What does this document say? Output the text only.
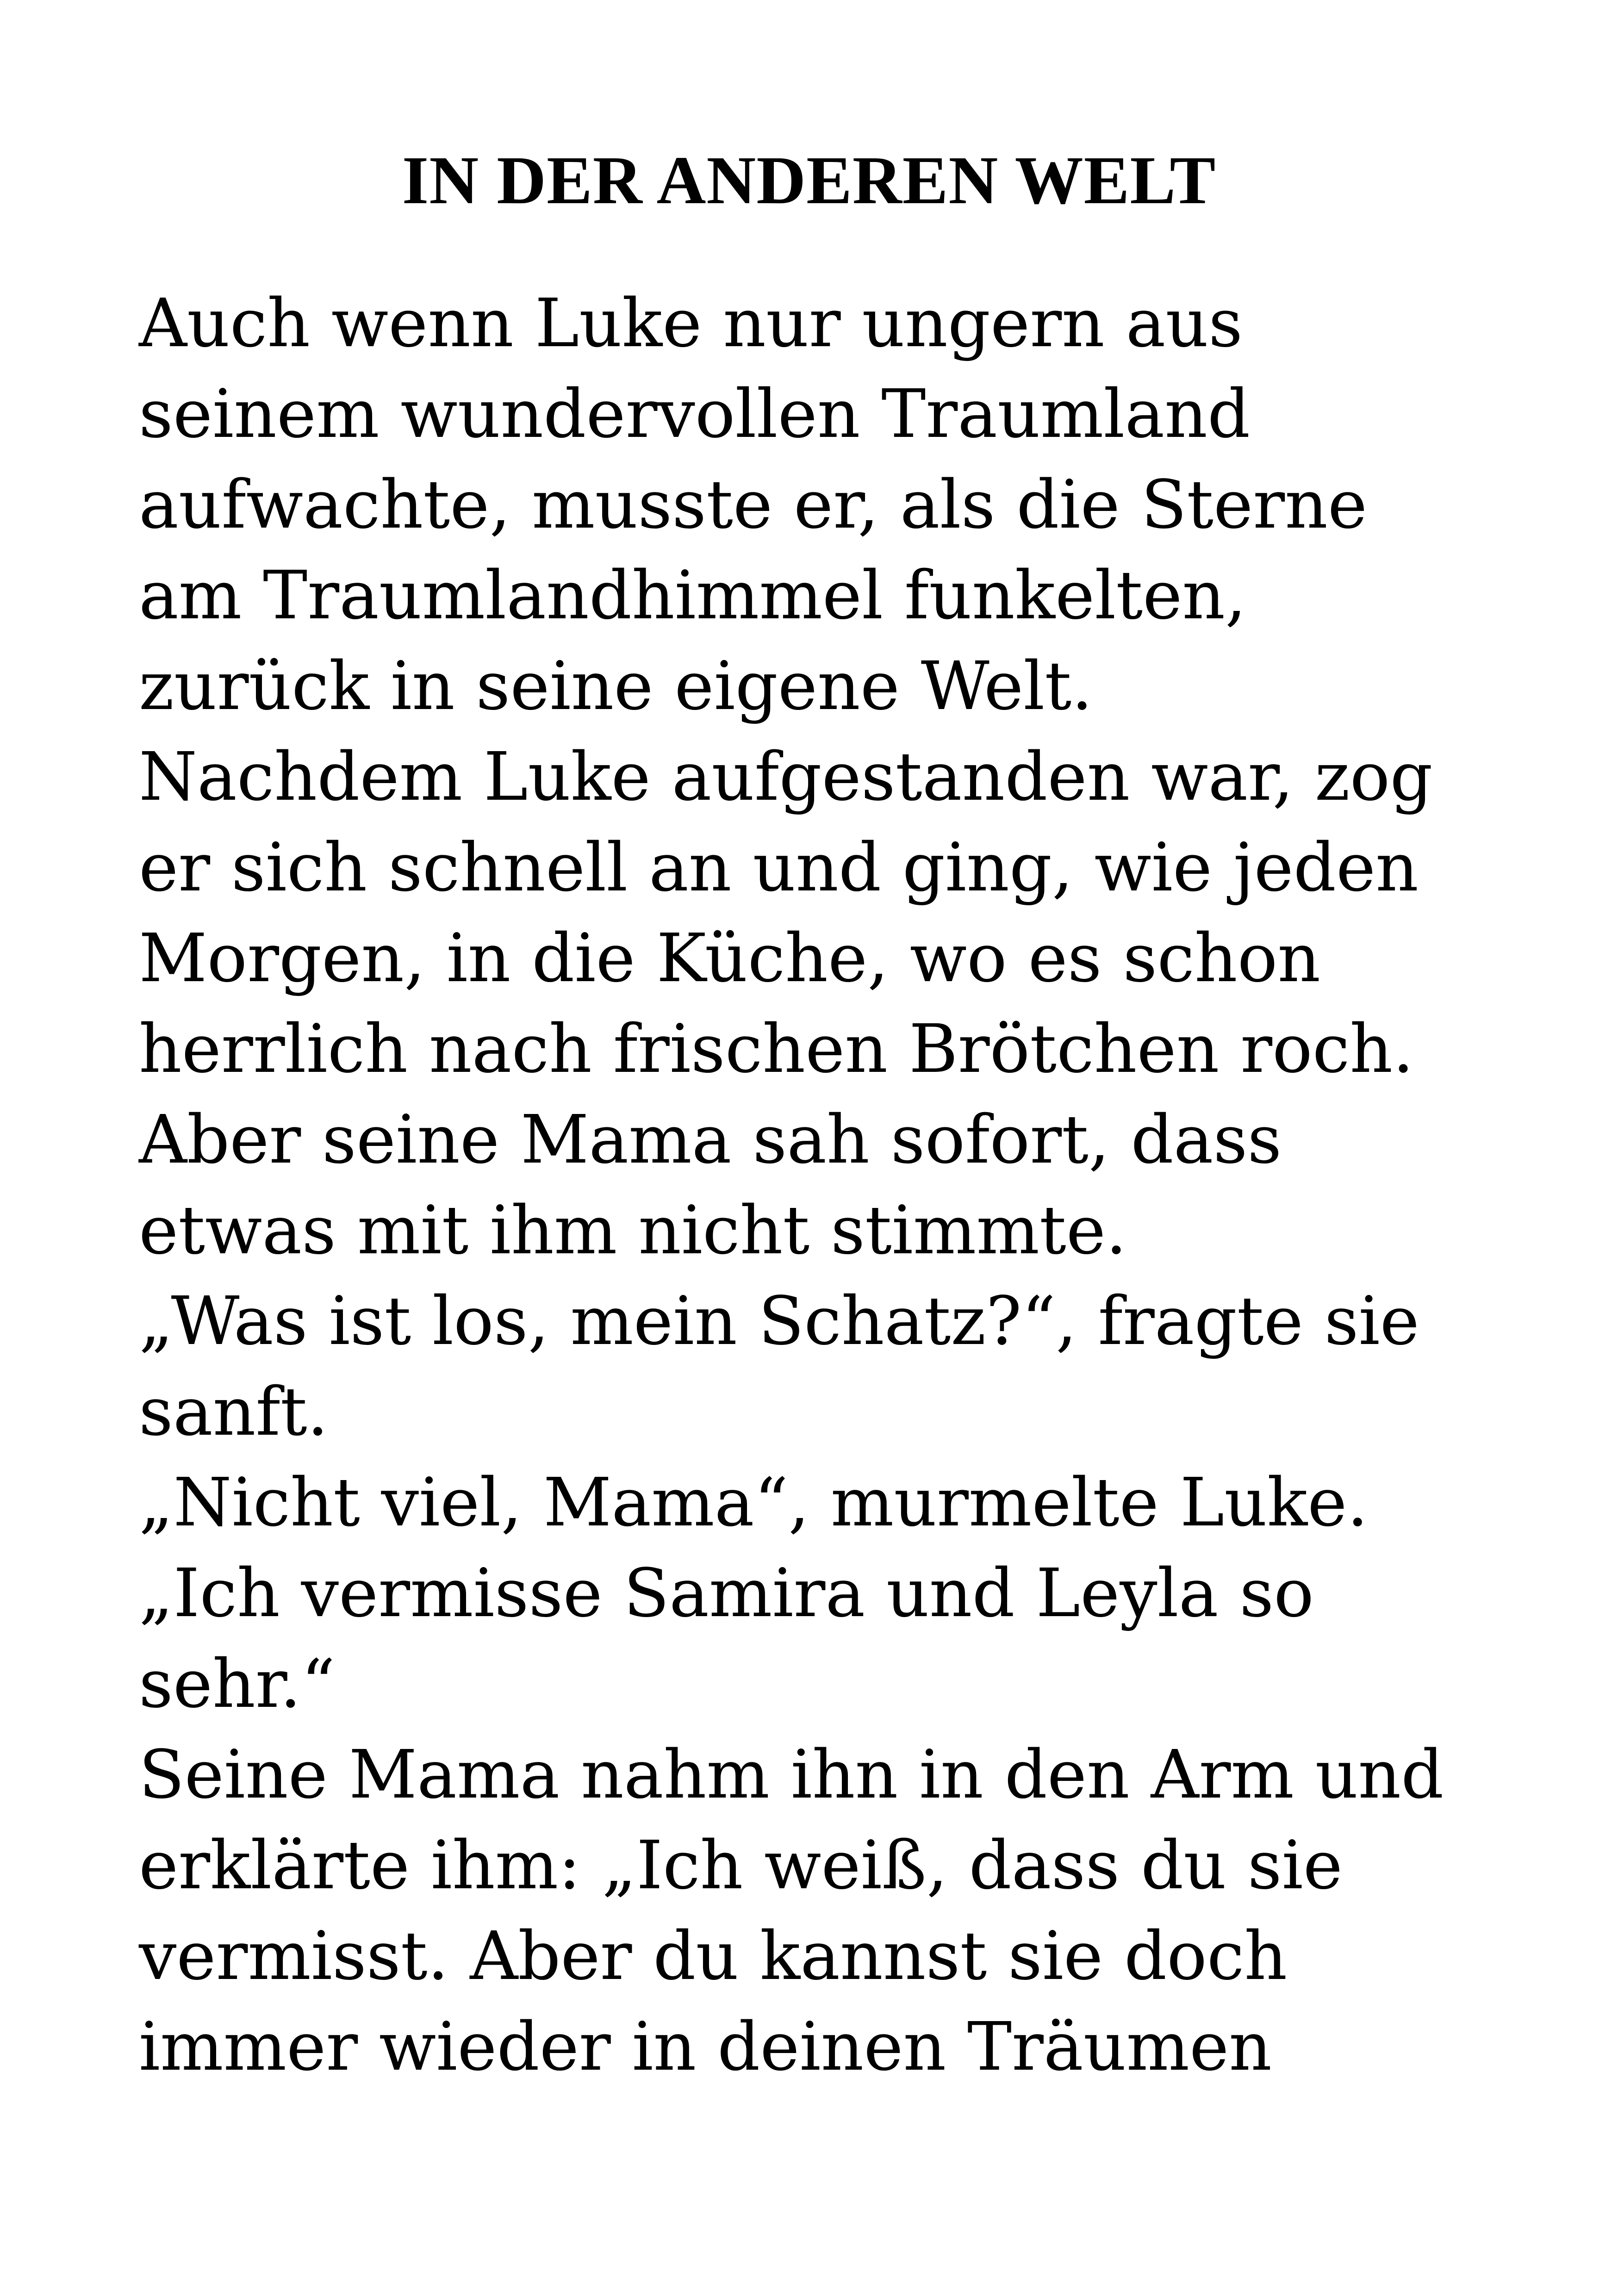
IN DER ANDEREN WELT
Auch wenn Luke nur ungern aus
seinem wundervollen Traumland
aufwachte, musste er, als die Sterne
am Traumlandhimmel funkelten,
zurück in seine eigene Welt.
Nachdem Luke aufgestanden war, zog
er sich schnell an und ging, wie jeden
Morgen, in die Küche, wo es schon
herrlich nach frischen Brötchen roch.
Aber seine Mama sah sofort, dass
etwas mit ihm nicht stimmte.
„Was ist los, mein Schatz?“, fragte sie
sanft.
„Nicht viel, Mama“, murmelte Luke.
„Ich vermisse Samira und Leyla so
sehr.“
Seine Mama nahm ihn in den Arm und
erklärte ihm: „Ich weiß, dass du sie
vermisst. Aber du kannst sie doch
immer wieder in deinen Träumen
